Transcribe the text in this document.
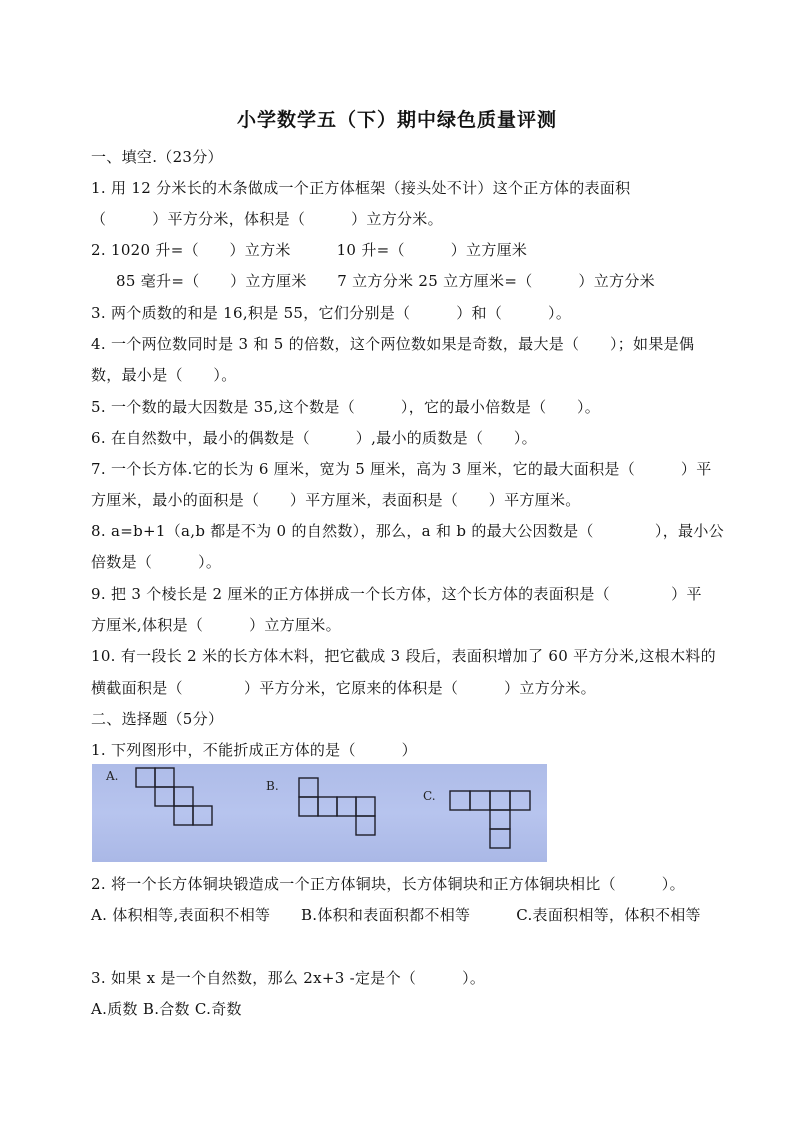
小学数学五（下）期中绿色质量评测
一、填空.（23分）
1. 用 12 分米长的木条做成一个正方体框架（接头处不计）这个正方体的表面积
（　　　）平方分米，体积是（　　　）立方分米。
2. 1020 升=（　　）立方米　　　10 升=（　　　）立方厘米
85 毫升=（　　）立方厘米　　7 立方分米 25 立方厘米=（　　　）立方分米
3. 两个质数的和是 16,积是 55，它们分别是（　　　）和（　　　）。
4. 一个两位数同时是 3 和 5 的倍数，这个两位数如果是奇数，最大是（　　）；如果是偶
数，最小是（　　）。
5. 一个数的最大因数是 35,这个数是（　　　），它的最小倍数是（　　）。
6. 在自然数中，最小的偶数是（　　　）,最小的质数是（　　）。
7. 一个长方体.它的长为 6 厘米，宽为 5 厘米，高为 3 厘米，它的最大面积是（　　　）平
方厘米，最小的面积是（　　）平方厘米，表面积是（　　）平方厘米。
8. a=b+1（a,b 都是不为 0 的自然数），那么，a 和 b 的最大公因数是（　　　　），最小公
倍数是（　　　）。
9. 把 3 个棱长是 2 厘米的正方体拼成一个长方体，这个长方体的表面积是（　　　　）平
方厘米,体积是（　　　）立方厘米。
10. 有一段长 2 米的长方体木料，把它截成 3 段后，表面积增加了 60 平方分米,这根木料的
横截面积是（　　　　）平方分米，它原来的体积是（　　　）立方分米。
二、选择题（5分）
1. 下列图形中，不能折成正方体的是（　　　）
A.
B.
C.
2. 将一个长方体铜块锻造成一个正方体铜块，长方体铜块和正方体铜块相比（　　　）。
A. 体积相等,表面积不相等　　B.体积和表面积都不相等　　　C.表面积相等，体积不相等
3. 如果 x 是一个自然数，那么 2x+3 -定是个（　　　）。
A.质数 B.合数 C.奇数
